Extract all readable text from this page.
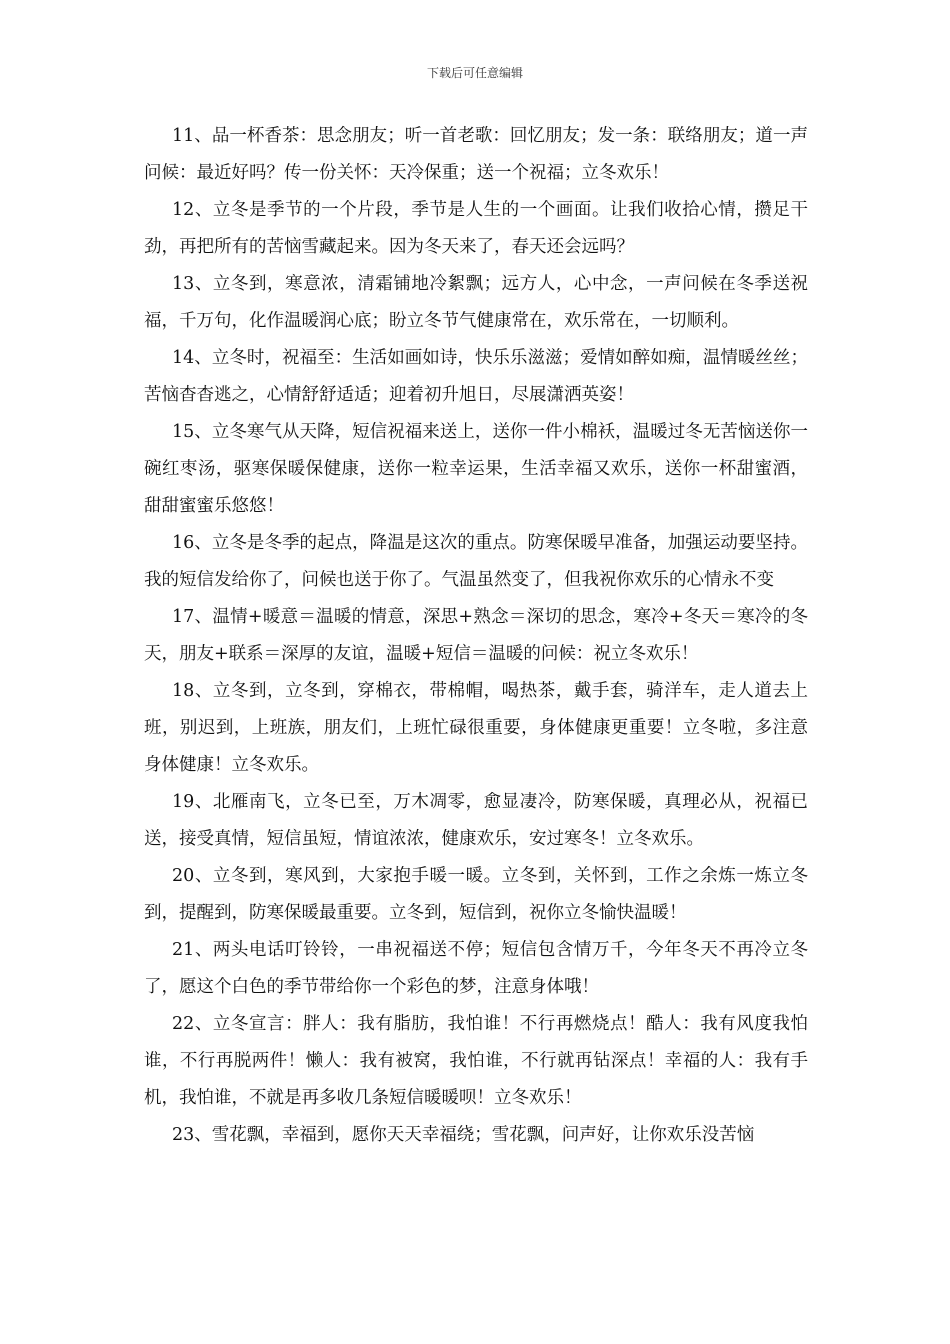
下载后可任意编辑

11、品一杯香茶：思念朋友；听一首老歌：回忆朋友；发一条：联络朋友；道一声问候：最近好吗？传一份关怀：天冷保重；送一个祝福；立冬欢乐！

12、立冬是季节的一个片段，季节是人生的一个画面。让我们收拾心情，攒足干劲，再把所有的苦恼雪藏起来。因为冬天来了，春天还会远吗？

13、立冬到，寒意浓，清霜铺地冷絮飘；远方人，心中念，一声问候在冬季送祝福，千万句，化作温暖润心底；盼立冬节气健康常在，欢乐常在，一切顺利。

14、立冬时，祝福至：生活如画如诗，快乐乐滋滋；爱情如醉如痴，温情暖丝丝；苦恼杳杳逃之，心情舒舒适适；迎着初升旭日，尽展潇洒英姿！

15、立冬寒气从天降，短信祝福来送上，送你一件小棉袄，温暖过冬无苦恼送你一碗红枣汤，驱寒保暖保健康，送你一粒幸运果，生活幸福又欢乐，送你一杯甜蜜酒，甜甜蜜蜜乐悠悠！

16、立冬是冬季的起点，降温是这次的重点。防寒保暖早准备，加强运动要坚持。我的短信发给你了，问候也送于你了。气温虽然变了，但我祝你欢乐的心情永不变

17、温情+暖意＝温暖的情意，深思+熟念＝深切的思念，寒冷+冬天＝寒冷的冬天，朋友+联系＝深厚的友谊，温暖+短信＝温暖的问候：祝立冬欢乐！

18、立冬到，立冬到，穿棉衣，带棉帽，喝热茶，戴手套，骑洋车，走人道去上班，别迟到，上班族，朋友们，上班忙碌很重要，身体健康更重要！立冬啦，多注意身体健康！立冬欢乐。

19、北雁南飞，立冬已至，万木凋零，愈显凄冷，防寒保暖，真理必从，祝福已送，接受真情，短信虽短，情谊浓浓，健康欢乐，安过寒冬！立冬欢乐。

20、立冬到，寒风到，大家抱手暖一暖。立冬到，关怀到，工作之余炼一炼立冬到，提醒到，防寒保暖最重要。立冬到，短信到，祝你立冬愉快温暖！

21、两头电话叮铃铃，一串祝福送不停；短信包含情万千，今年冬天不再冷立冬了，愿这个白色的季节带给你一个彩色的梦，注意身体哦！

22、立冬宣言：胖人：我有脂肪，我怕谁！不行再燃烧点！酷人：我有风度我怕谁，不行再脱两件！懒人：我有被窝，我怕谁，不行就再钻深点！幸福的人：我有手机，我怕谁，不就是再多收几条短信暖暖呗！立冬欢乐！

23、雪花飘，幸福到，愿你天天幸福绕；雪花飘，问声好，让你欢乐没苦恼
